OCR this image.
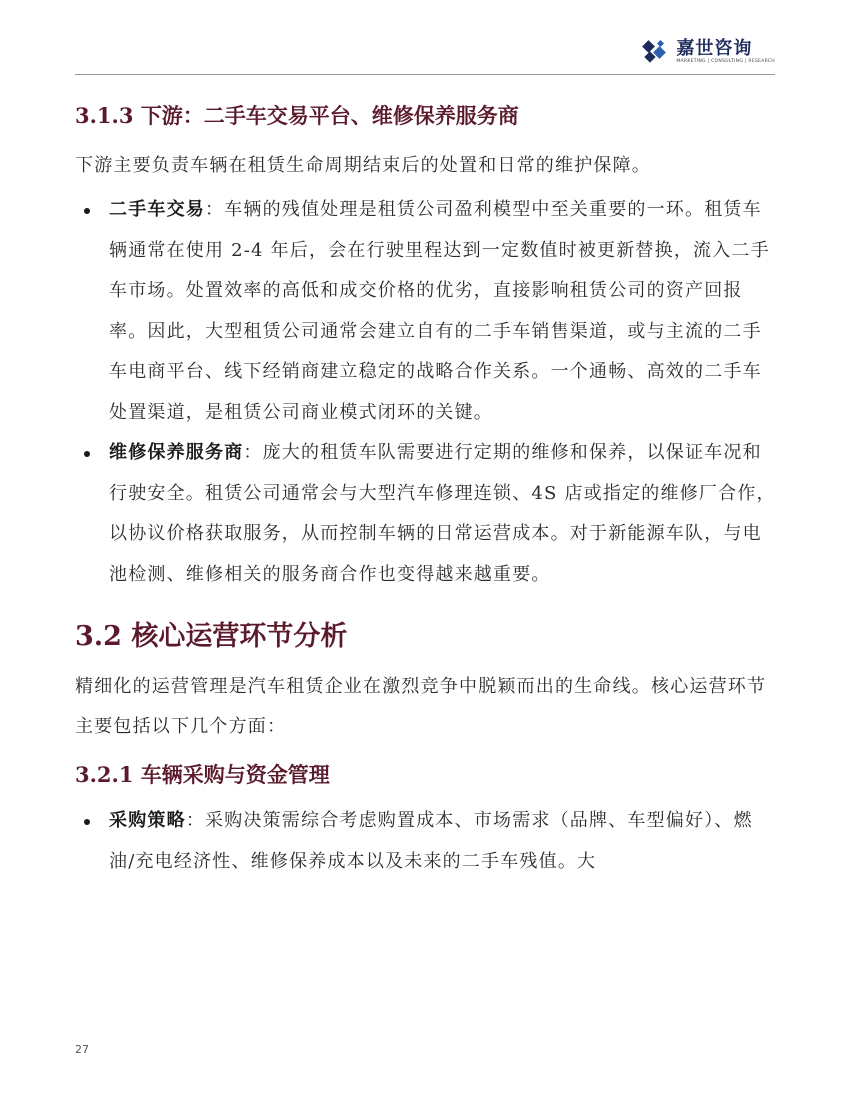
嘉世咨询
MARKETING | CONSULTING | RESEARCH
3.1.3 下游：二手车交易平台、维修保养服务商

下游主要负责车辆在租赁生命周期结束后的处置和日常的维护保障。

二手车交易：车辆的残值处理是租赁公司盈利模型中至关重要的一环。租赁车辆通常在使用 2-4 年后，会在行驶里程达到一定数值时被更新替换，流入二手车市场。处置效率的高低和成交价格的优劣，直接影响租赁公司的资产回报率。因此，大型租赁公司通常会建立自有的二手车销售渠道，或与主流的二手车电商平台、线下经销商建立稳定的战略合作关系。一个通畅、高效的二手车处置渠道，是租赁公司商业模式闭环的关键。
维修保养服务商：庞大的租赁车队需要进行定期的维修和保养，以保证车况和行驶安全。租赁公司通常会与大型汽车修理连锁、4S 店或指定的维修厂合作，以协议价格获取服务，从而控制车辆的日常运营成本。对于新能源车队，与电池检测、维修相关的服务商合作也变得越来越重要。
3.2 核心运营环节分析

精细化的运营管理是汽车租赁企业在激烈竞争中脱颖而出的生命线。核心运营环节主要包括以下几个方面：

3.2.1 车辆采购与资金管理
采购策略：采购决策需综合考虑购置成本、市场需求（品牌、车型偏好）、燃油/充电经济性、维修保养成本以及未来的二手车残值。大
27
